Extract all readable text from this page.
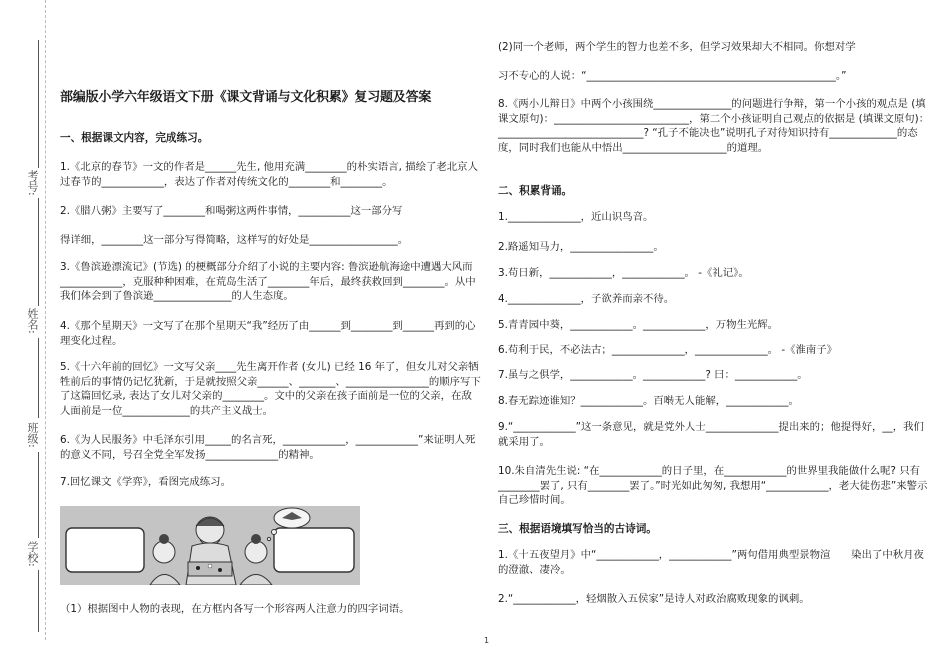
考号:
姓名:
班级:
学校:
部编版小学六年级语文下册《课文背诵与文化积累》复习题及答案
一、根据课文内容，完成练习。
1.《北京的春节》一文的作者是______先生, 他用充满________的朴实语言, 描绘了老北京人过春节的____________，表达了作者对传统文化的________和________。
2.《腊八粥》主要写了________和喝粥这两件事情，__________这一部分写
得详细，________这一部分写得简略，这样写的好处是_________________。
3.《鲁滨逊漂流记》(节选) 的梗概部分介绍了小说的主要内容: 鲁滨逊航海途中遭遇大风而____________，克服种种困难，在荒岛生活了________年后，最终获救回到________。从中我们体会到了鲁滨逊_______________的人生态度。
4.《那个星期天》一文写了在那个星期天“我”经历了由______到________到______再到的心理变化过程。
5.《十六年前的回忆》一文写父亲____先生离开作者 (女儿) 已经 16 年了，但女儿对父亲牺牲前后的事情仍记忆犹新，于是就按照父亲______、_______、________________的顺序写下了这篇回忆录, 表达了女儿对父亲的________。文中的父亲在孩子面前是一位的父亲，在敌人面前是一位_____________的共产主义战士。
6.《为人民服务》中毛泽东引用_____的名言死，____________，____________”来证明人死的意义不同，号召全党全军发扬______________的精神。
7.回忆课文《学弈》，看图完成练习。
（1）根据图中人物的表现，在方框内各写一个形容两人注意力的四字词语。
(2)同一个老师，两个学生的智力也差不多，但学习效果却大不相同。你想对学
习不专心的人说：“________________________________________________。”
8.《两小儿辩日》中两个小孩围绕_______________的问题进行争辩，第一个小孩的观点是 (填课文原句)：__________________________，第二个小孩证明自己观点的依据是 (填课文原句)：____________________________? “孔子不能决也”说明孔子对待知识持有_____________的态度，同时我们也能从中悟出____________________的道理。
二、积累背诵。
1.______________，近山识鸟音。
2.路遥知马力，________________。
3.苟日新，____________，____________。 -《礼记》。
4.______________，子欲养而亲不待。
5.青青园中葵，____________。____________，万物生光辉。
6.苟利于民，不必法古；______________，______________。 -《淮南子》
7.虽与之俱学，____________。____________? 曰：____________。
8.春无踪迹谁知？____________。百啭无人能解，____________。
9.“____________”这一条意见，就是党外人士______________提出来的；他提得好，__，我们就采用了。
10.朱自清先生说: “在____________的日子里，在____________的世界里我能做什么呢? 只有________罢了, 只有________罢了。”时光如此匆匆, 我想用“____________，老大徒伤悲”来警示自己珍惜时间。
三、根据语境填写恰当的古诗词。
1.《十五夜望月》中“____________，____________”两句借用典型景物渲　　染出了中秋月夜的澄澈、凄冷。
2.“____________，轻烟散入五侯家”是诗人对政治腐败现象的讽刺。
1
